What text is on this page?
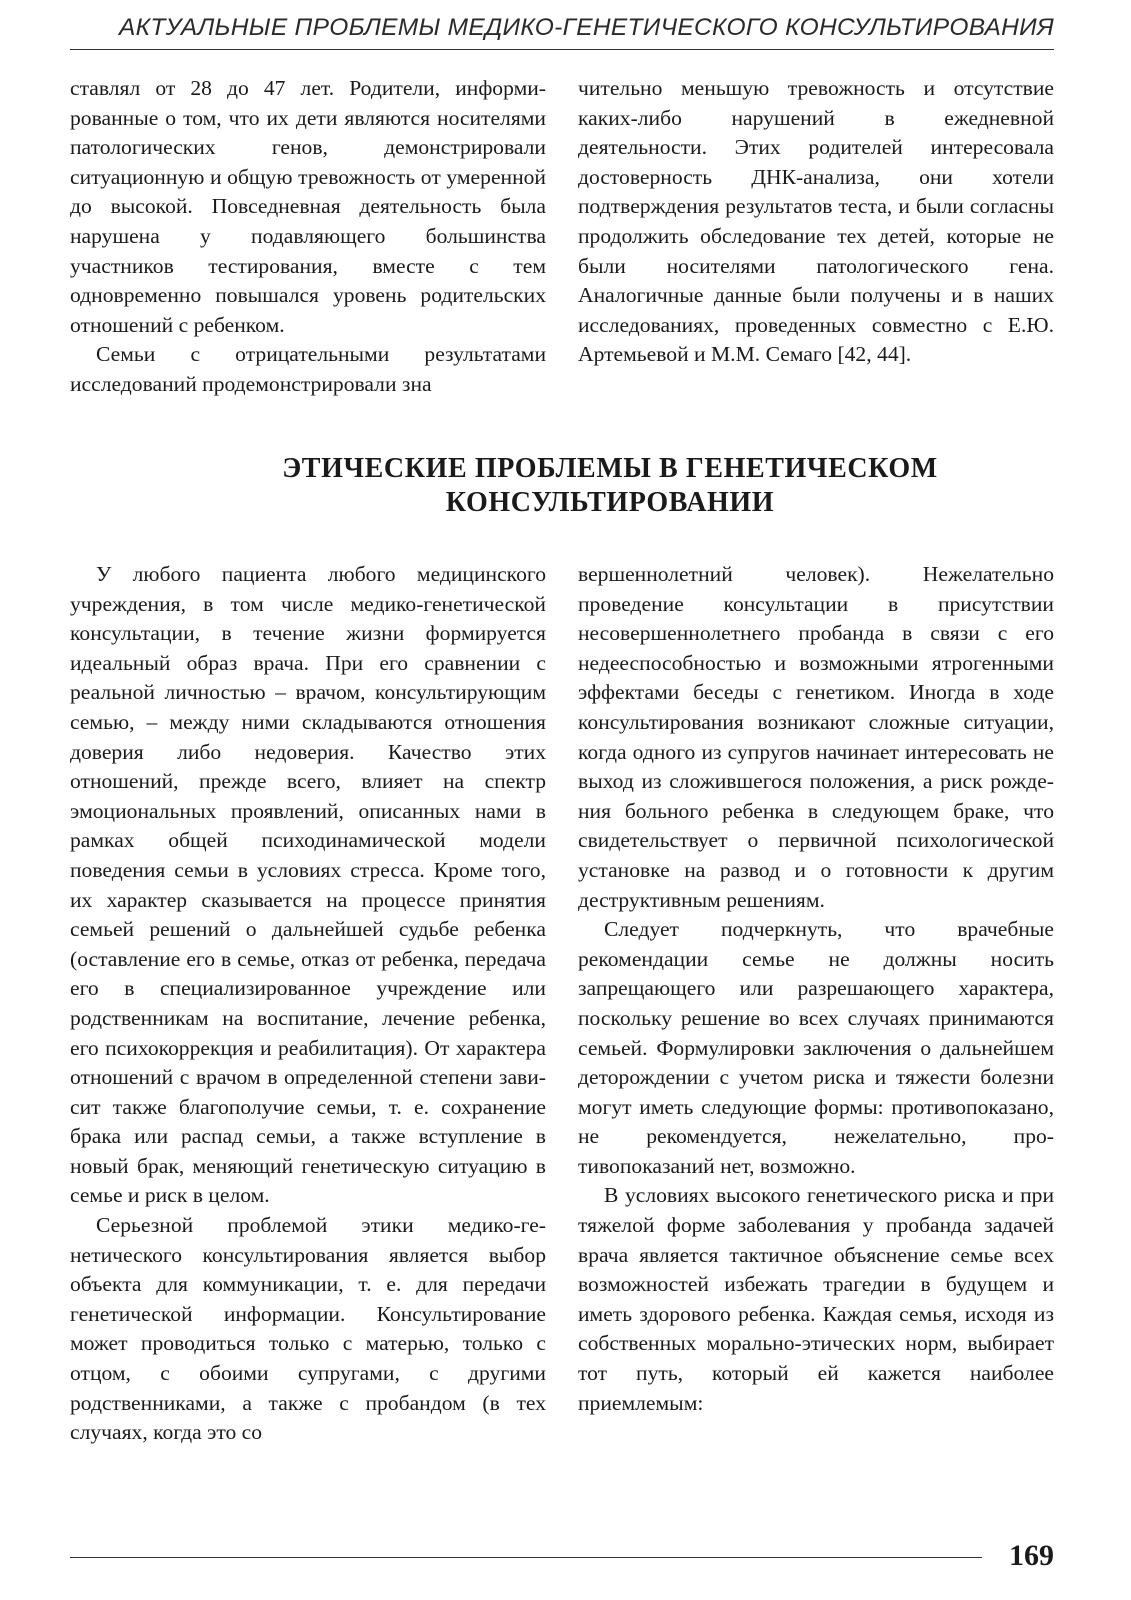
АКТУАЛЬНЫЕ ПРОБЛЕМЫ МЕДИКО-ГЕНЕТИЧЕСКОГО КОНСУЛЬТИРОВАНИЯ

ставлял от 28 до 47 лет. Родители, информированные о том, что их дети являются носителями патологических генов, демонстрировали ситуационную и общую тревожность от умеренной до высокой. Повседневная деятельность была нарушена у подавляющего большинства участников тестирования, вместе с тем одновременно повышался уровень родительских отношений с ребенком.

Семьи с отрицательными результатами исследований продемонстрировали зна

чительно меньшую тревожность и отсутствие каких-либо нарушений в ежедневной деятельности. Этих родителей интересовала достоверность ДНК-анализа, они хотели подтверждения результатов теста, и были согласны продолжить обследование тех детей, которые не были носителями патологического гена. Аналогичные данные были получены и в наших исследованиях, проведенных совместно с Е.Ю. Артемьевой и М.М. Семаго [42, 44].

ЭТИЧЕСКИЕ ПРОБЛЕМЫ В ГЕНЕТИЧЕСКОМ
КОНСУЛЬТИРОВАНИИ

У любого пациента любого медицинского учреждения, в том числе медико-генетической консультации, в течение жизни формируется идеальный образ врача. При его сравнении с реальной личностью – врачом, консультирующим семью, – между ними складываются отношения доверия либо недоверия. Качество этих отношений, прежде всего, влияет на спектр эмоциональных проявлений, описанных нами в рамках общей психодинамической модели поведения семьи в условиях стресса. Кроме того, их характер сказывается на процессе принятия семьей решений о дальнейшей судьбе ребенка (оставление его в семье, отказ от ребенка, передача его в специализированное учреждение или родственникам на воспитание, лечение ребенка, его психокоррекция и реабилитация). От характера отношений с врачом в определенной степени зависит также благополучие семьи, т. е. сохранение брака или распад семьи, а также вступление в новый брак, меняющий генетическую ситуацию в семье и риск в целом.

Серьезной проблемой этики медико-генетического консультирования является выбор объекта для коммуникации, т. е. для передачи генетической информации. Консультирование может проводиться только с матерью, только с отцом, с обоими супругами, с другими родственниками, а также с пробандом (в тех случаях, когда это со

вершеннолетний человек). Нежелательно проведение консультации в присутствии несовершеннолетнего пробанда в связи с его недееспособностью и возможными ятрогенными эффектами беседы с генетиком. Иногда в ходе консультирования возникают сложные ситуации, когда одного из супругов начинает интересовать не выход из сложившегося положения, а риск рождения больного ребенка в следующем браке, что свидетельствует о первичной психологической установке на развод и о готовности к другим деструктивным решениям.

Следует подчеркнуть, что врачебные рекомендации семье не должны носить запрещающего или разрешающего характера, поскольку решение во всех случаях принимаются семьей. Формулировки заключения о дальнейшем деторождении с учетом риска и тяжести болезни могут иметь следующие формы: противопоказано, не рекомендуется, нежелательно, противопоказаний нет, возможно.

В условиях высокого генетического риска и при тяжелой форме заболевания у пробанда задачей врача является тактичное объяснение семье всех возможностей избежать трагедии в будущем и иметь здорового ребенка. Каждая семья, исходя из собственных морально-этических норм, выбирает тот путь, который ей кажется наиболее приемлемым:

169
